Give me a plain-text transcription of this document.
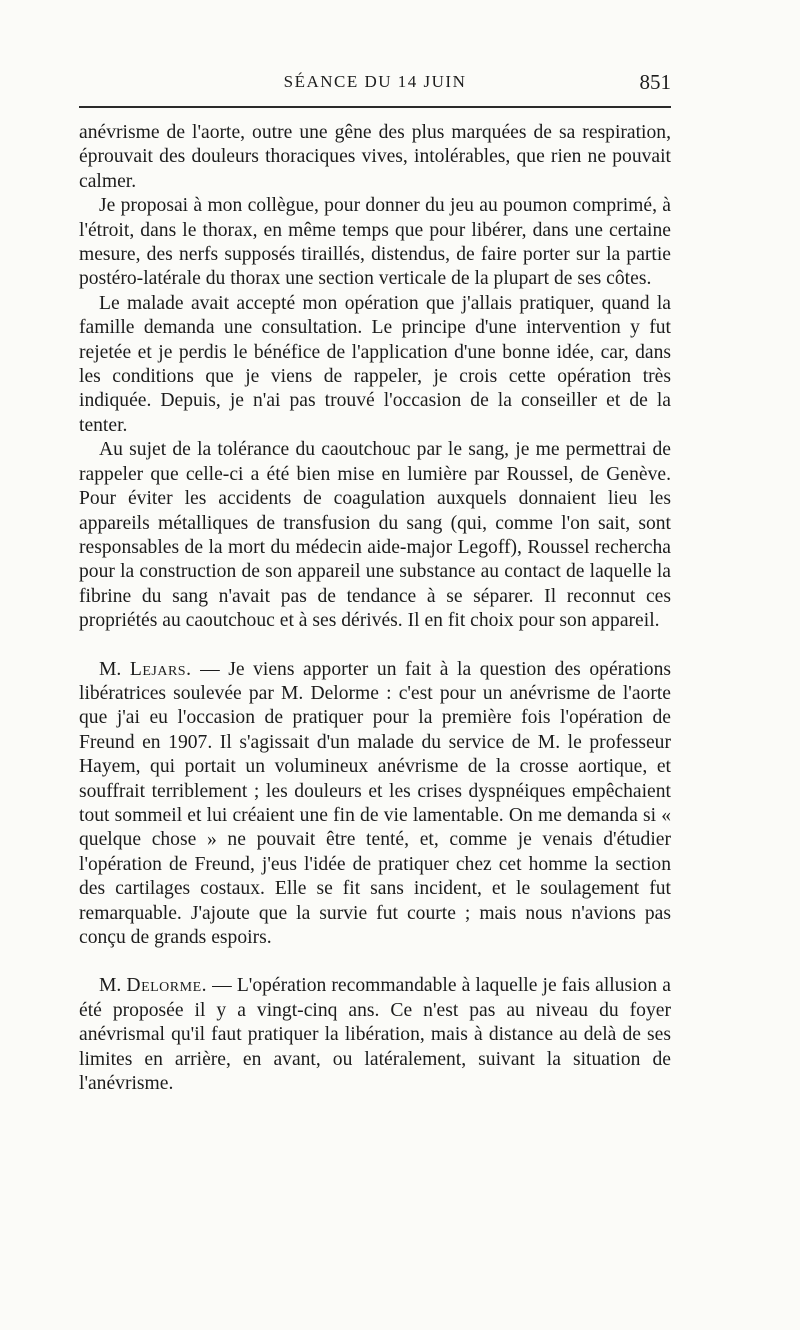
SÉANCE DU 14 JUIN	851

anévrisme de l'aorte, outre une gêne des plus marquées de sa respiration, éprouvait des douleurs thoraciques vives, intolérables, que rien ne pouvait calmer.

Je proposai à mon collègue, pour donner du jeu au poumon comprimé, à l'étroit, dans le thorax, en même temps que pour libérer, dans une certaine mesure, des nerfs supposés tiraillés, distendus, de faire porter sur la partie postéro-latérale du thorax une section verticale de la plupart de ses côtes.

Le malade avait accepté mon opération que j'allais pratiquer, quand la famille demanda une consultation. Le principe d'une intervention y fut rejetée et je perdis le bénéfice de l'application d'une bonne idée, car, dans les conditions que je viens de rappeler, je crois cette opération très indiquée. Depuis, je n'ai pas trouvé l'occasion de la conseiller et de la tenter.

Au sujet de la tolérance du caoutchouc par le sang, je me permettrai de rappeler que celle-ci a été bien mise en lumière par Roussel, de Genève. Pour éviter les accidents de coagulation auxquels donnaient lieu les appareils métalliques de transfusion du sang (qui, comme l'on sait, sont responsables de la mort du médecin aide-major Legoff), Roussel rechercha pour la construction de son appareil une substance au contact de laquelle la fibrine du sang n'avait pas de tendance à se séparer. Il reconnut ces propriétés au caoutchouc et à ses dérivés. Il en fit choix pour son appareil.

M. Lejars. — Je viens apporter un fait à la question des opérations libératrices soulevée par M. Delorme : c'est pour un anévrisme de l'aorte que j'ai eu l'occasion de pratiquer pour la première fois l'opération de Freund en 1907. Il s'agissait d'un malade du service de M. le professeur Hayem, qui portait un volumineux anévrisme de la crosse aortique, et souffrait terriblement ; les douleurs et les crises dyspnéiques empêchaient tout sommeil et lui créaient une fin de vie lamentable. On me demanda si « quelque chose » ne pouvait être tenté, et, comme je venais d'étudier l'opération de Freund, j'eus l'idée de pratiquer chez cet homme la section des cartilages costaux. Elle se fit sans incident, et le soulagement fut remarquable. J'ajoute que la survie fut courte ; mais nous n'avions pas conçu de grands espoirs.

M. Delorme. — L'opération recommandable à laquelle je fais allusion a été proposée il y a vingt-cinq ans. Ce n'est pas au niveau du foyer anévrismal qu'il faut pratiquer la libération, mais à distance au delà de ses limites en arrière, en avant, ou latéralement, suivant la situation de l'anévrisme.
